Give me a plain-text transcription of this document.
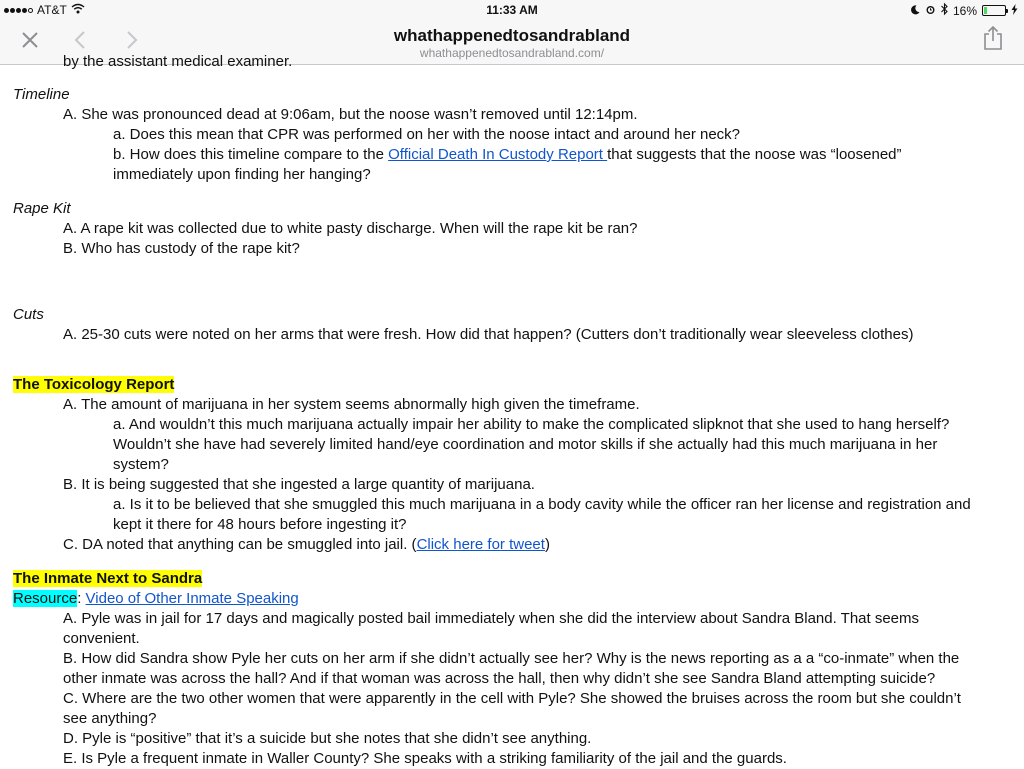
AT&T	11:33 AM	16%
whathappenedtosandrabland
whathappenedtosandrabland.com/
by the assistant medical examiner.
Timeline
A. She was pronounced dead at 9:06am, but the noose wasn’t removed until 12:14pm.
a. Does this mean that CPR was performed on her with the noose intact and around her neck?
b. How does this timeline compare to the Official Death In Custody Report that suggests that the noose was “loosened”
immediately upon finding her hanging?
Rape Kit
A. A rape kit was collected due to white pasty discharge. When will the rape kit be ran?
B. Who has custody of the rape kit?
Cuts
A. 25-30 cuts were noted on her arms that were fresh. How did that happen? (Cutters don’t traditionally wear sleeveless clothes)
The Toxicology Report
A. The amount of marijuana in her system seems abnormally high given the timeframe.
a. And wouldn’t this much marijuana actually impair her ability to make the complicated slipknot that she used to hang herself?
Wouldn’t she have had severely limited hand/eye coordination and motor skills if she actually had this much marijuana in her
system?
B. It is being suggested that she ingested a large quantity of marijuana.
a. Is it to be believed that she smuggled this much marijuana in a body cavity while the officer ran her license and registration and
kept it there for 48 hours before ingesting it?
C. DA noted that anything can be smuggled into jail. (Click here for tweet)
The Inmate Next to Sandra
Resource: Video of Other Inmate Speaking
A. Pyle was in jail for 17 days and magically posted bail immediately when she did the interview about Sandra Bland. That seems
convenient.
B. How did Sandra show Pyle her cuts on her arm if she didn’t actually see her? Why is the news reporting as a a “co-inmate” when the
other inmate was across the hall? And if that woman was across the hall, then why didn’t she see Sandra Bland attempting suicide?
C. Where are the two other women that were apparently in the cell with Pyle? She showed the bruises across the room but she couldn’t
see anything?
D. Pyle is “positive” that it’s a suicide but she notes that she didn’t see anything.
E. Is Pyle a frequent inmate in Waller County? She speaks with a striking familiarity of the jail and the guards.
